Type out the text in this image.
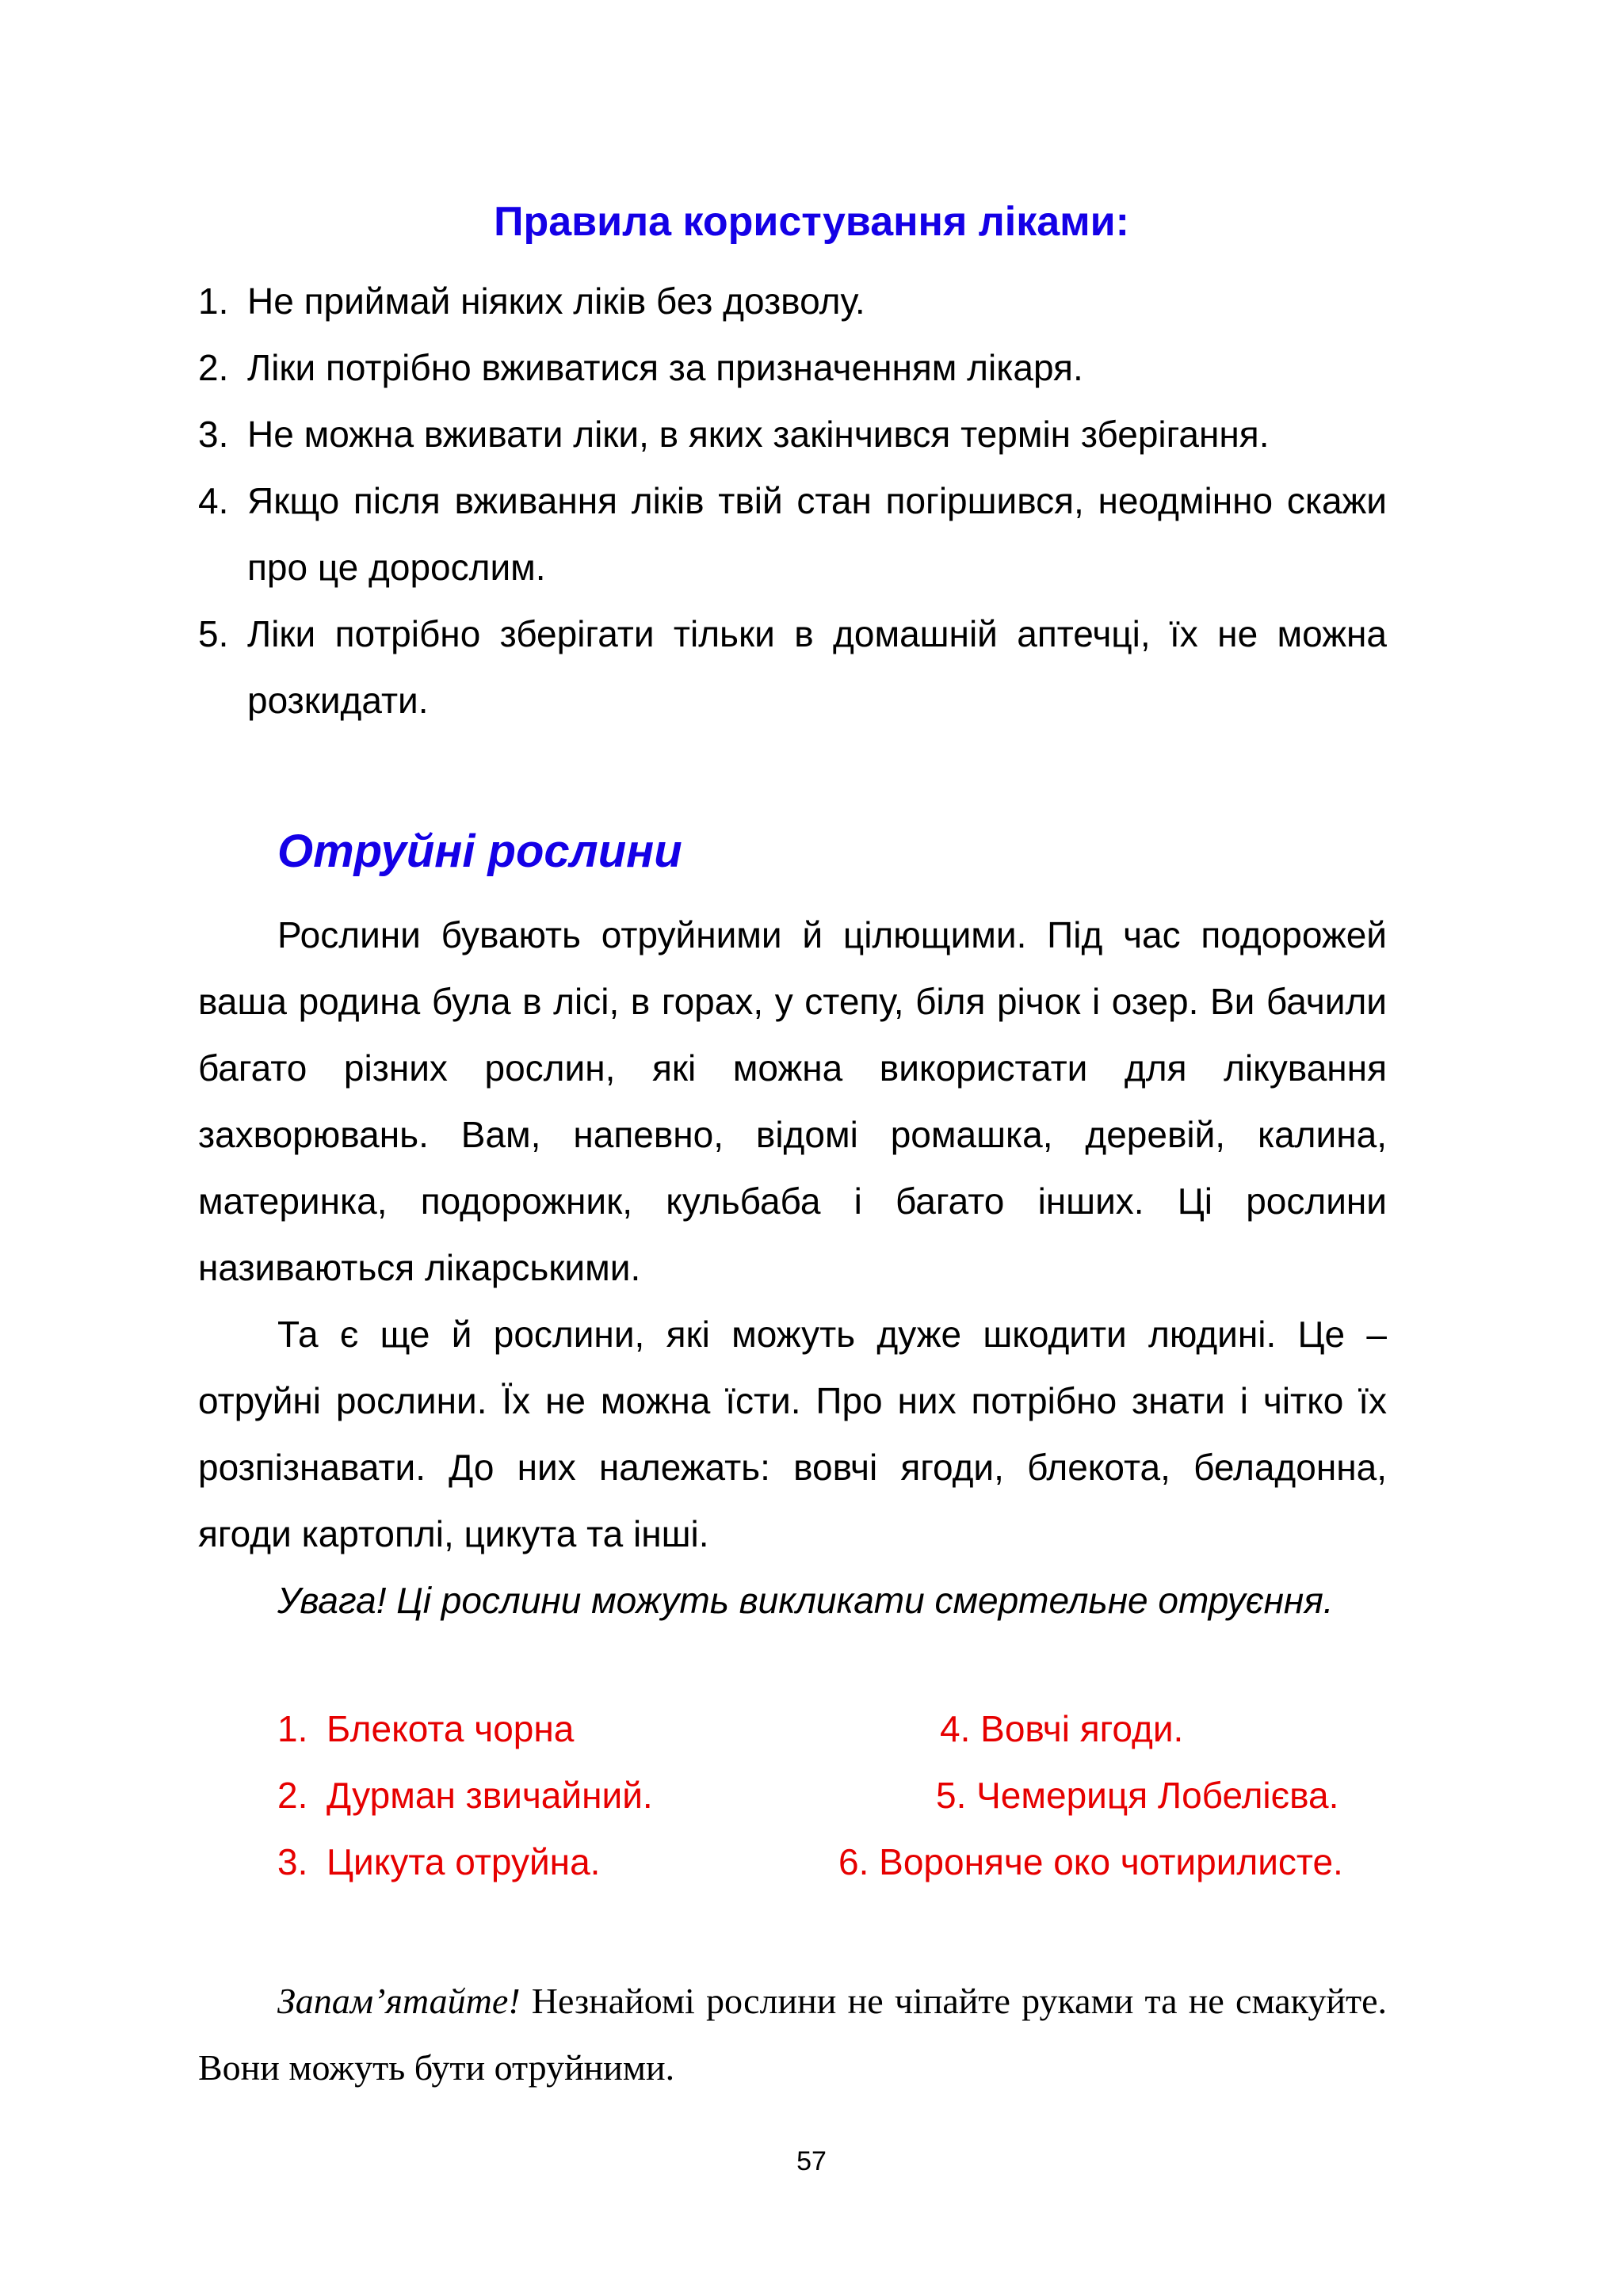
Правила користування ліками:
1. Не приймай ніяких ліків без дозволу.
2. Ліки потрібно вживатися за призначенням лікаря.
3. Не можна вживати ліки, в яких закінчився термін зберігання.
4. Якщо після вживання ліків твій стан погіршився, неодмінно скажи про це дорослим.
5. Ліки потрібно зберігати тільки в домашній аптечці, їх не можна розкидати.
Отруйні рослини

Рослини бувають отруйними й цілющими. Під час подорожей ваша родина була в лісі, в горах, у степу, біля річок і озер. Ви бачили багато різних рослин, які можна використати для лікування захворювань. Вам, напевно, відомі ромашка, деревій, калина, материнка, подорожник, кульбаба і багато інших. Ці рослини називаються лікарськими.

Та є ще й рослини, які можуть дуже шкодити людині. Це – отруйні рослини. Їх не можна їсти. Про них потрібно знати і чітко їх розпізнавати. До них належать: вовчі ягоди, блекота, беладонна, ягоди картоплі, цикута та інші.

Увага! Ці рослини можуть викликати смертельне отруєння.

1. Блекота чорна
2. Дурман звичайний.
3. Цикута отруйна.
4. Вовчі ягоди.
5. Чемериця Лобелієва.
6. Вороняче око чотирилисте.

Запам’ятайте! Незнайомі рослини не чіпайте руками та не смакуйте. Вони можуть бути отруйними.

57
